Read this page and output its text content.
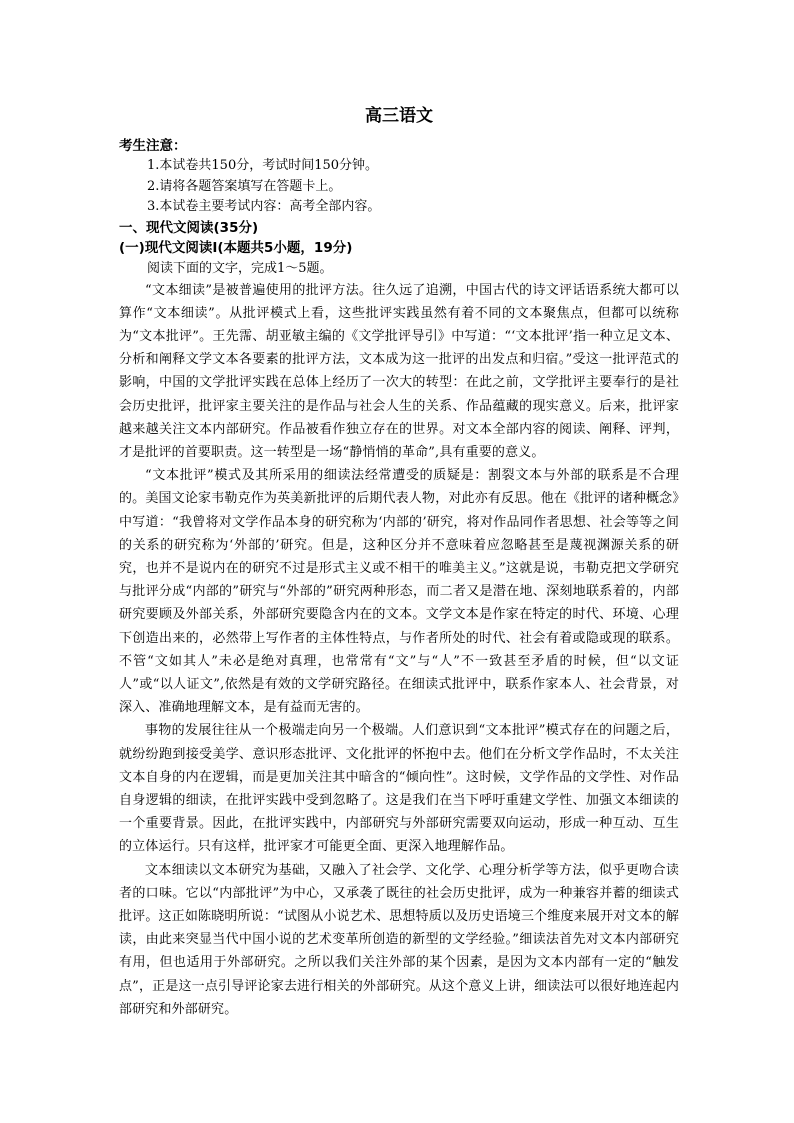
高三语文

考生注意：

1.本试卷共150分，考试时间150分钟。

2.请将各题答案填写在答题卡上。

3.本试卷主要考试内容：高考全部内容。

一、现代文阅读(35分)

(一)现代文阅读Ⅰ(本题共5小题，19分)

阅读下面的文字，完成1～5题。

“文本细读”是被普遍使用的批评方法。往久远了追溯，中国古代的诗文评话语系统大都可以算作“文本细读”。从批评模式上看，这些批评实践虽然有着不同的文本聚焦点，但都可以统称为“文本批评”。王先霈、胡亚敏主编的《文学批评导引》中写道：“‘文本批评’指一种立足文本、分析和阐释文学文本各要素的批评方法，文本成为这一批评的出发点和归宿。”受这一批评范式的影响，中国的文学批评实践在总体上经历了一次大的转型：在此之前，文学批评主要奉行的是社会历史批评，批评家主要关注的是作品与社会人生的关系、作品蕴藏的现实意义。后来，批评家越来越关注文本内部研究。作品被看作独立存在的世界。对文本全部内容的阅读、阐释、评判，才是批评的首要职责。这一转型是一场“静悄悄的革命”,具有重要的意义。

“文本批评”模式及其所采用的细读法经常遭受的质疑是：割裂文本与外部的联系是不合理的。美国文论家韦勒克作为英美新批评的后期代表人物，对此亦有反思。他在《批评的诸种概念》中写道：“我曾将对文学作品本身的研究称为‘内部的’研究，将对作品同作者思想、社会等等之间的关系的研究称为‘外部的’研究。但是，这种区分并不意味着应忽略甚至是蔑视渊源关系的研究，也并不是说内在的研究不过是形式主义或不相干的唯美主义。”这就是说，韦勒克把文学研究与批评分成“内部的”研究与“外部的”研究两种形态，而二者又是潜在地、深刻地联系着的，内部研究要顾及外部关系，外部研究要隐含内在的文本。文学文本是作家在特定的时代、环境、心理下创造出来的，必然带上写作者的主体性特点，与作者所处的时代、社会有着或隐或现的联系。不管“文如其人”未必是绝对真理，也常常有“文”与“人”不一致甚至矛盾的时候，但“以文证人”或“以人证文”,依然是有效的文学研究路径。在细读式批评中，联系作家本人、社会背景，对深入、准确地理解文本，是有益而无害的。

事物的发展往往从一个极端走向另一个极端。人们意识到“文本批评”模式存在的问题之后，就纷纷跑到接受美学、意识形态批评、文化批评的怀抱中去。他们在分析文学作品时，不太关注文本自身的内在逻辑，而是更加关注其中暗含的“倾向性”。这时候，文学作品的文学性、对作品自身逻辑的细读，在批评实践中受到忽略了。这是我们在当下呼吁重建文学性、加强文本细读的一个重要背景。因此，在批评实践中，内部研究与外部研究需要双向运动，形成一种互动、互生的立体运行。只有这样，批评家才可能更全面、更深入地理解作品。

文本细读以文本研究为基础，又融入了社会学、文化学、心理分析学等方法，似乎更吻合读者的口味。它以“内部批评”为中心，又承袭了既往的社会历史批评，成为一种兼容并蓄的细读式批评。这正如陈晓明所说：“试图从小说艺术、思想特质以及历史语境三个维度来展开对文本的解读，由此来突显当代中国小说的艺术变革所创造的新型的文学经验。”细读法首先对文本内部研究有用，但也适用于外部研究。之所以我们关注外部的某个因素，是因为文本内部有一定的“触发点”，正是这一点引导评论家去进行相关的外部研究。从这个意义上讲，细读法可以很好地连起内部研究和外部研究。
